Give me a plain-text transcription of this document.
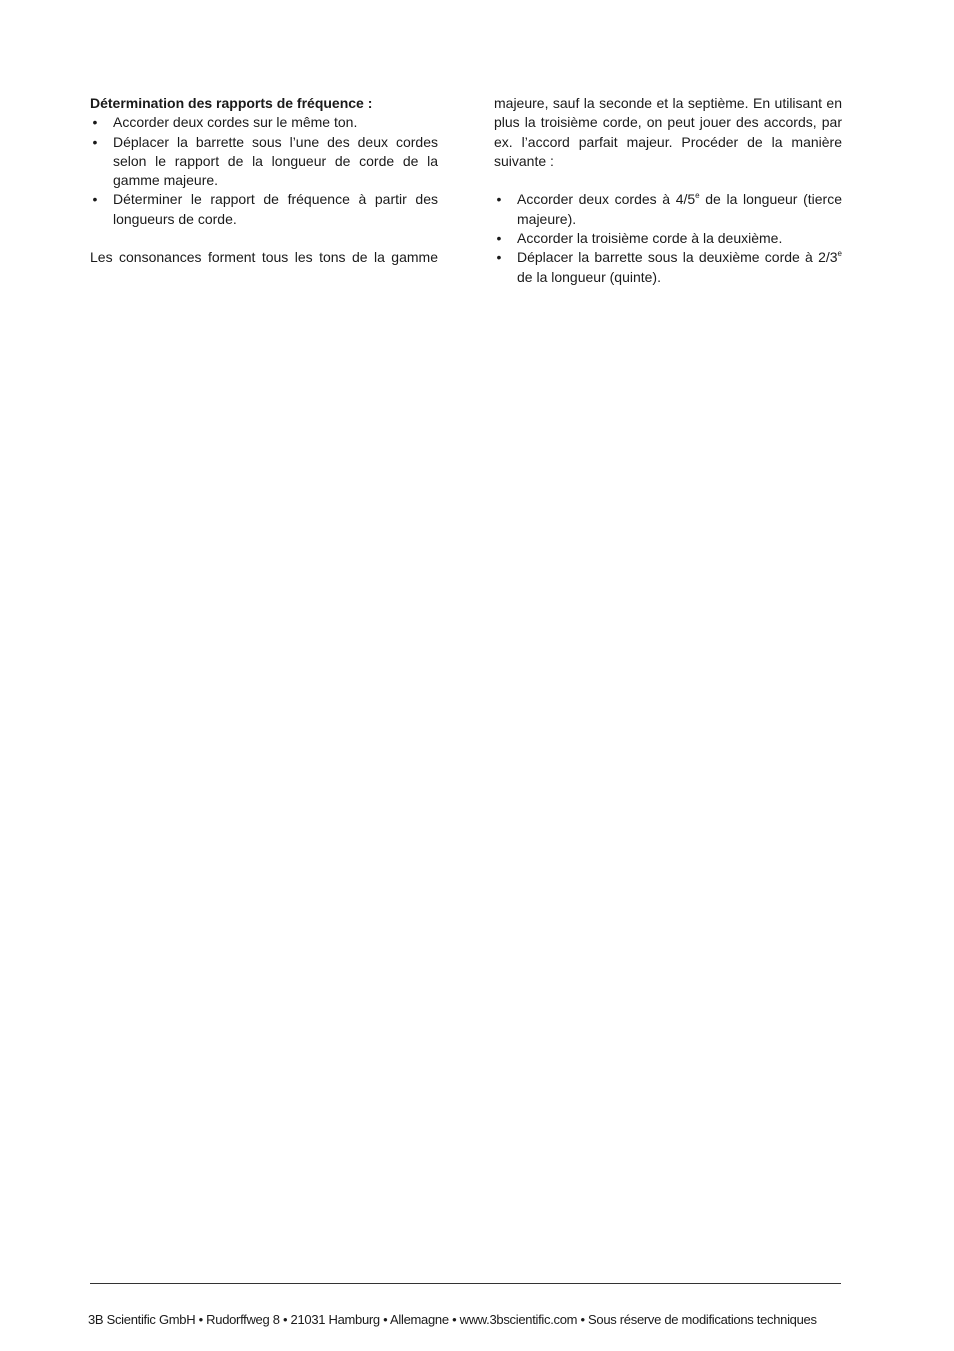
Détermination des rapports de fréquence :

• Accorder deux cordes sur le même ton.
• Déplacer la barrette sous l’une des deux cordes selon le rapport de la longueur de corde de la gamme majeure.
• Déterminer le rapport de fréquence à partir des longueurs de corde.

Les consonances forment tous les tons de la gamme

majeure, sauf la seconde et la septième. En utilisant en plus la troisième corde, on peut jouer des accords, par ex. l’accord parfait majeur. Procéder de la manière suivante :

• Accorder deux cordes à 4/5e de la longueur (tierce majeure).
• Accorder la troisième corde à la deuxième.
• Déplacer la barrette sous la deuxième corde à 2/3e de la longueur (quinte).
3B Scientific GmbH • Rudorffweg 8 • 21031 Hamburg • Allemagne • www.3bscientific.com • Sous réserve de modifications techniques
